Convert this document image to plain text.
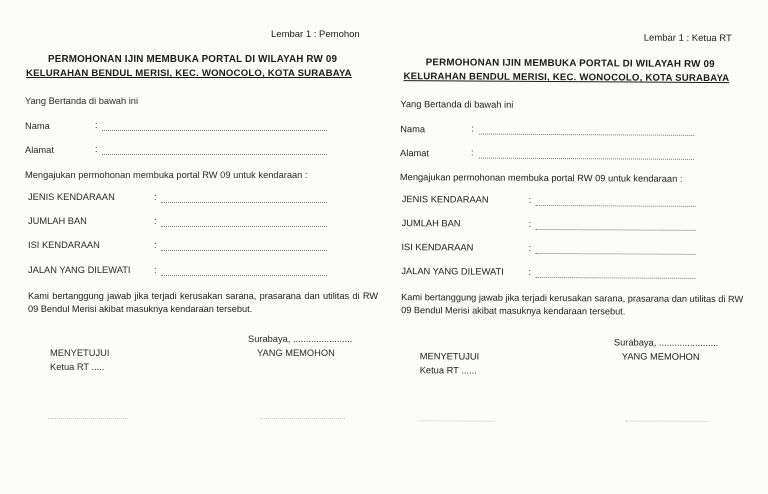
Lembar 1 : Pemohon
PERMOHONAN IJIN MEMBUKA PORTAL DI WILAYAH RW 09
KELURAHAN BENDUL MERISI, KEC. WONOCOLO, KOTA SURABAYA
Yang Bertanda di bawah ini
Nama	:
Alamat	:
Mengajukan permohonan membuka portal RW 09 untuk kendaraan :
JENIS KENDARAAN	:
JUMLAH BAN	:
ISI KENDARAAN	:
JALAN YANG DILEWATI	:
Kami bertanggung jawab jika terjadi kerusakan sarana, prasarana dan utilitas di RW 09 Bendul Merisi akibat masuknya kendaraan tersebut.
Surabaya, .......................
YANG MEMOHON
MENYETUJUI
Ketua RT .....
Lembar 1 : Ketua RT
PERMOHONAN IJIN MEMBUKA PORTAL DI WILAYAH RW 09
KELURAHAN BENDUL MERISI, KEC. WONOCOLO, KOTA SURABAYA
Yang Bertanda di bawah ini
Nama	:
Alamat	:
Mengajukan permohonan membuka portal RW 09 untuk kendaraan :
JENIS KENDARAAN	:
JUMLAH BAN	:
ISI KENDARAAN	:
JALAN YANG DILEWATI	:
Kami bertanggung jawab jika terjadi kerusakan sarana, prasarana dan utilitas di RW 09 Bendul Merisi akibat masuknya kendaraan tersebut.
Surabaya, .......................
YANG MEMOHON
MENYETUJUI
Ketua RT ......
